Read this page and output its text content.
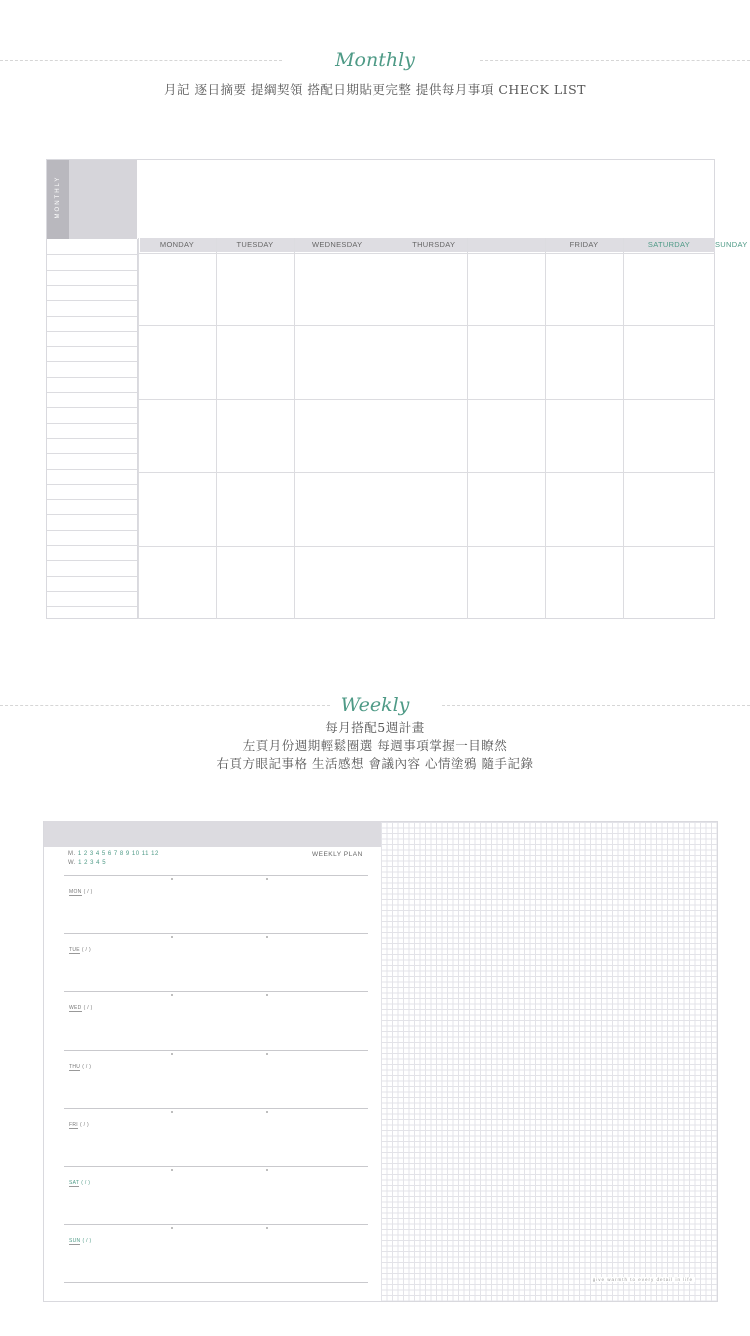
Monthly
月記 逐日摘要 提綱契領 搭配日期貼更完整 提供每月事項 CHECK LIST
MONTHLY
MONDAY	TUESDAY	WEDNESDAY	THURSDAY	FRIDAY	SATURDAY	SUNDAY
Weekly
每月搭配5週計畫
左頁月份週期輕鬆圈選 每週事項掌握一目瞭然
右頁方眼記事格 生活感想 會議內容 心情塗鴉 隨手記錄
M. 1 2 3 4 5 6 7 8 9 10 11 12
W. 1 2 3 4 5
WEEKLY PLAN
MON ( / )
TUE ( / )
WED ( / )
THU ( / )
FRI ( / )
SAT ( / )
SUN ( / )
give warmth to every detail in life
